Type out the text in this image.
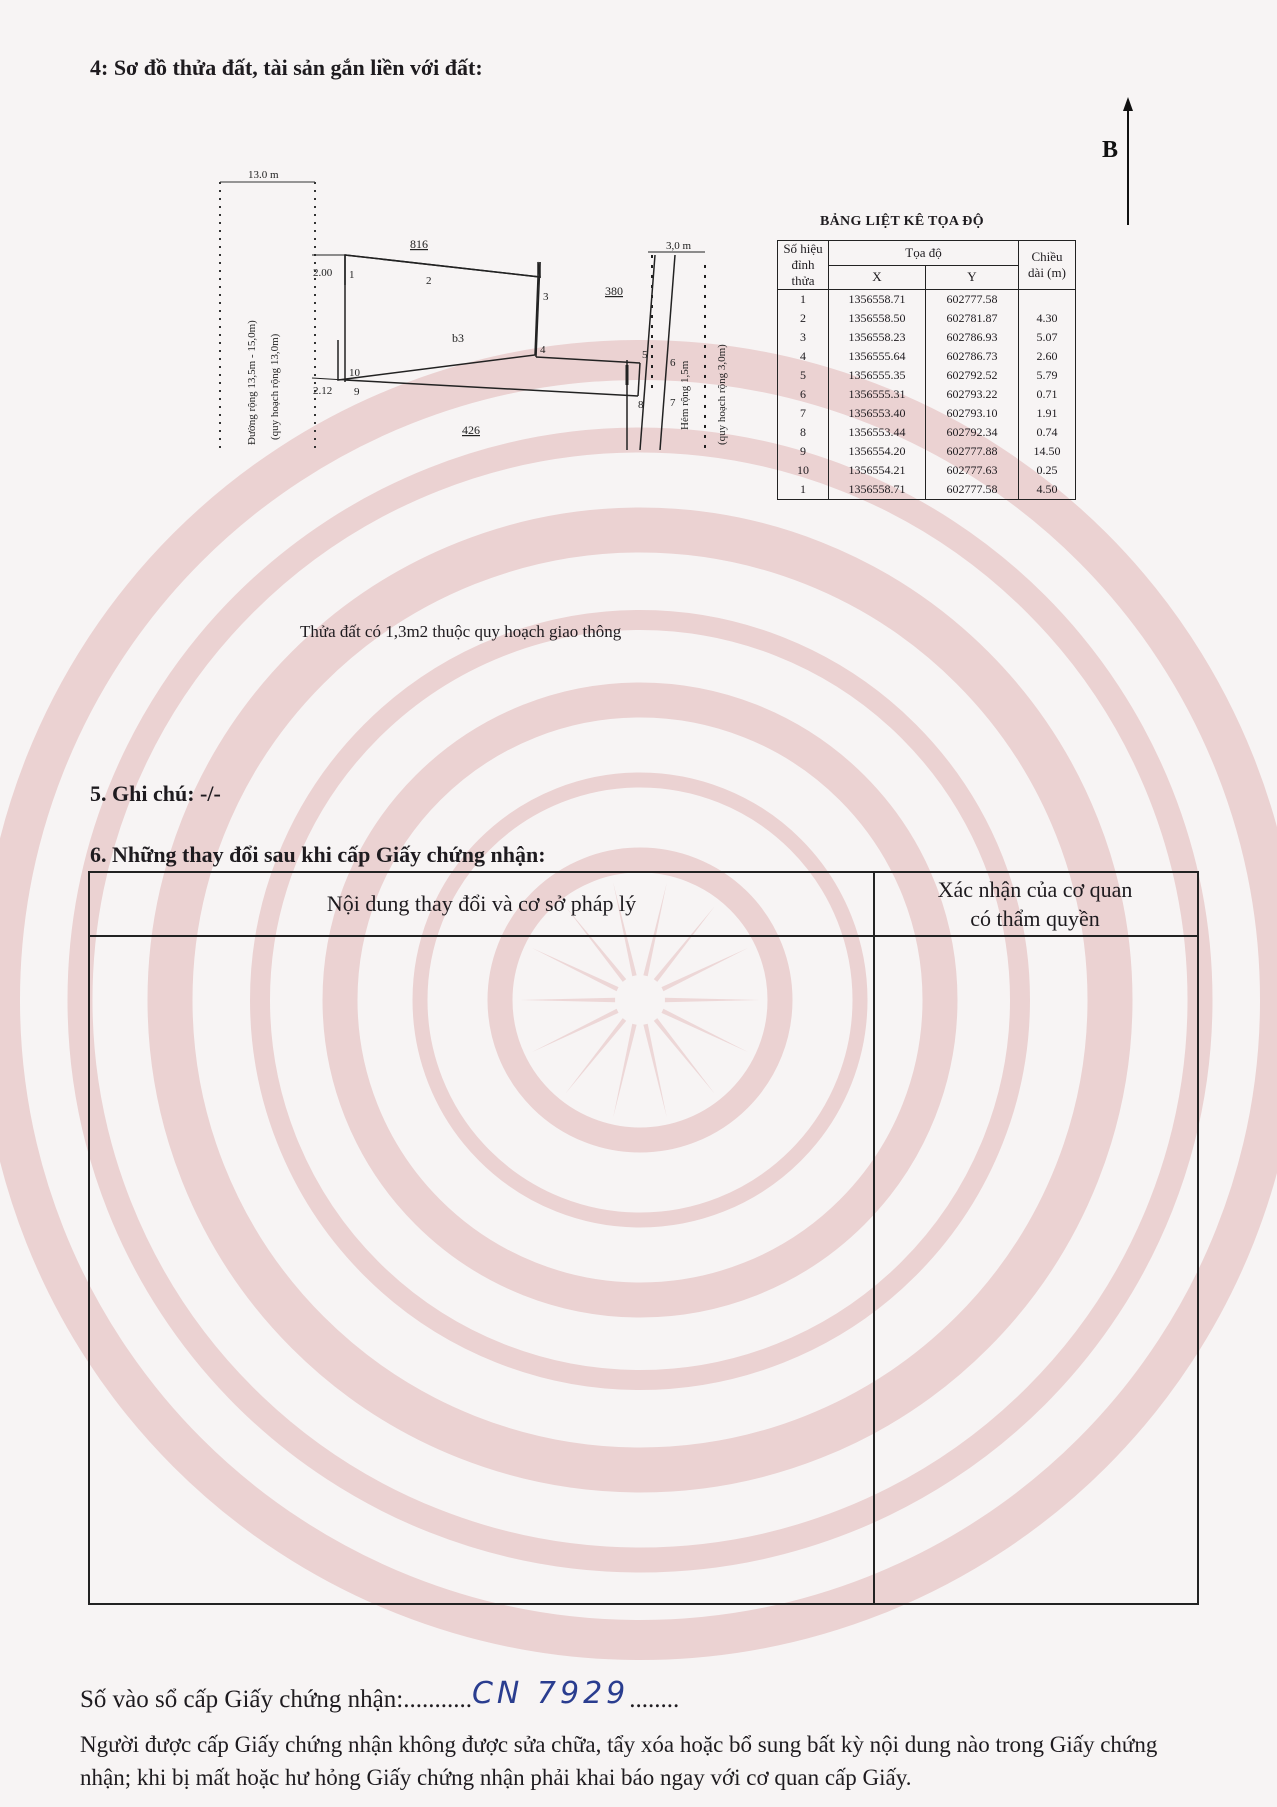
4: Sơ đồ thửa đất, tài sản gắn liền với đất:
B
13.0 m
Đường rộng 13,5m - 15,0m) (quy hoạch rộng 13,0m)
3,0 m
Hẻm rộng 1,5m (quy hoạch rộng 3,0m)
816
380
426
b3
2.00
2.12
1	2
3
4	5
6
7
8
9
10
BẢNG LIỆT KÊ TỌA ĐỘ
Số hiệu đỉnh thửa	Tọa độ		Chiều dài (m)
	X	Y	
1	1356558.71	602777.58	
2	1356558.50	602781.87	4.30
3	1356558.23	602786.93	5.07
4	1356555.64	602786.73	2.60
5	1356555.35	602792.52	5.79
6	1356555.31	602793.22	0.71
7	1356553.40	602793.10	1.91
8	1356553.44	602792.34	0.74
9	1356554.20	602777.88	14.50
10	1356554.21	602777.63	0.25
1	1356558.71	602777.58	4.50
Thửa đất có 1,3m2 thuộc quy hoạch giao thông
5. Ghi chú: -/-
6. Những thay đổi sau khi cấp Giấy chứng nhận:
Nội dung thay đổi và cơ sở pháp lý
Xác nhận của cơ quan
có thẩm quyền
Số vào sổ cấp Giấy chứng nhận:...........CN 7929........
Người được cấp Giấy chứng nhận không được sửa chữa, tẩy xóa hoặc bổ sung bất kỳ nội dung nào trong Giấy chứng nhận; khi bị mất hoặc hư hỏng Giấy chứng nhận phải khai báo ngay với cơ quan cấp Giấy.
